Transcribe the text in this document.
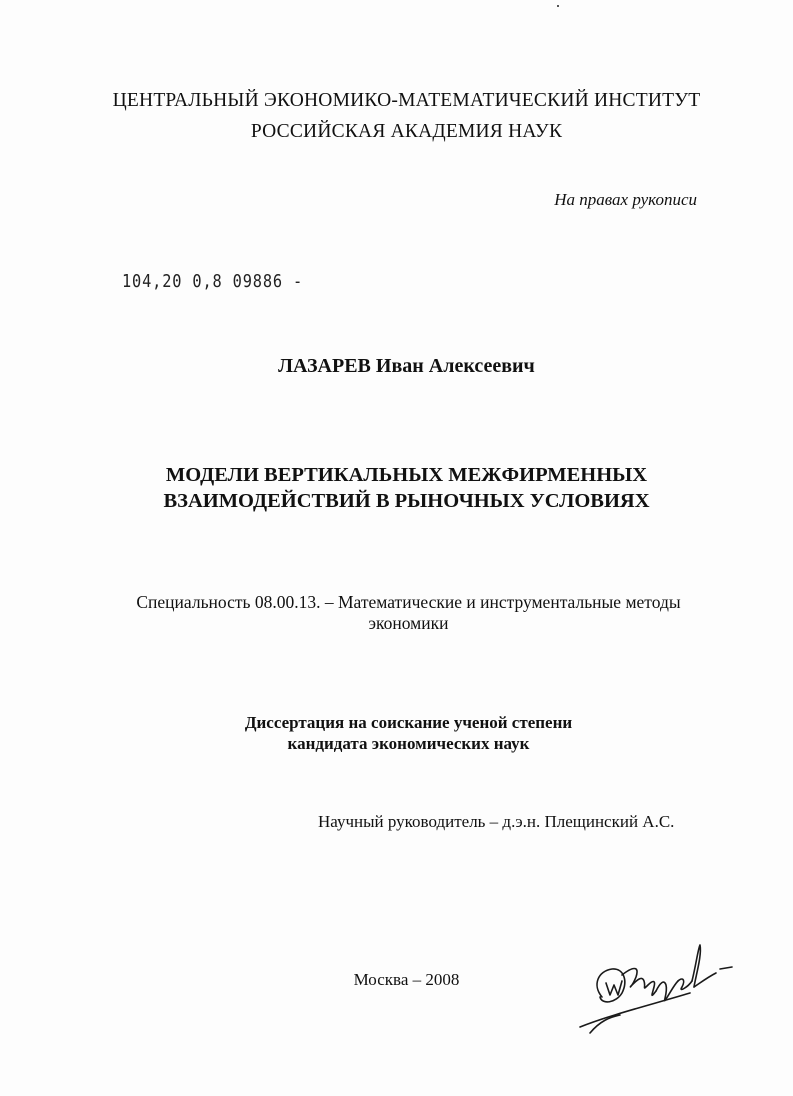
ЦЕНТРАЛЬНЫЙ ЭКОНОМИКО-МАТЕМАТИЧЕСКИЙ ИНСТИТУТ
РОССИЙСКАЯ АКАДЕМИЯ НАУК
На правах рукописи
104,20 0,8 09886 -
ЛАЗАРЕВ Иван Алексеевич
МОДЕЛИ ВЕРТИКАЛЬНЫХ МЕЖФИРМЕННЫХ
ВЗАИМОДЕЙСТВИЙ В РЫНОЧНЫХ УСЛОВИЯХ
Специальность 08.00.13. – Математические и инструментальные методы
экономики
Диссертация на соискание ученой степени
кандидата экономических наук
Научный руководитель – д.э.н. Плещинский А.С.
Москва – 2008
